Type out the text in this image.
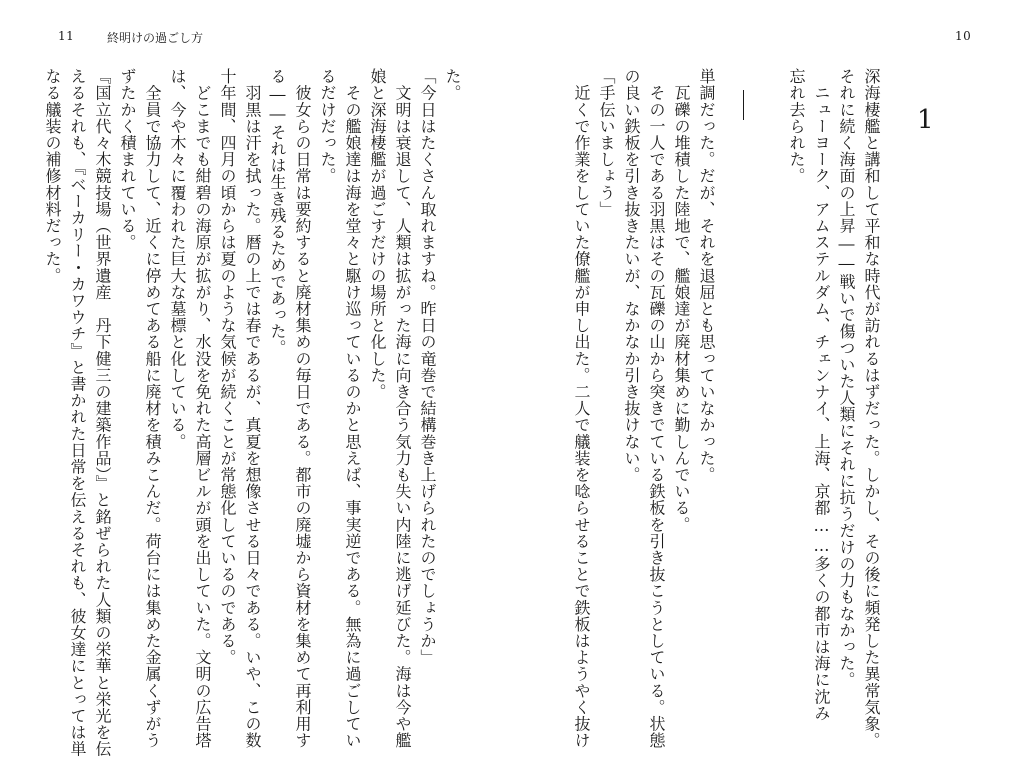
11	終明けの過ごし方	10
1
深海棲艦と講和して平和な時代が訪れるはずだった。しかし、その後に頻発した異常気象。
それに続く海面の上昇――戦いで傷ついた人類にそれに抗うだけの力もなかった。
　ニューヨーク、アムステルダム、チェンナイ、上海、京都……多くの都市は海に沈み
忘れ去られた。
単調だった。だが、それを退屈とも思っていなかった。
　瓦礫の堆積した陸地で、艦娘達が廃材集めに勤しんでいる。
　その一人である羽黒はその瓦礫の山から突きでている鉄板を引き抜こうとしている。状態
の良い鉄板を引き抜きたいが、なかなか引き抜けない。
「手伝いましょう」
　近くで作業をしていた僚艦が申し出た。二人で艤装を唸らせることで鉄板はようやく抜け
た。
「今日はたくさん取れますね。昨日の竜巻で結構巻き上げられたのでしょうか」
　文明は衰退して、人類は拡がった海に向き合う気力も失い内陸に逃げ延びた。海は今や艦
娘と深海棲艦が過ごすだけの場所と化した。
　その艦娘達は海を堂々と駆け巡っているのかと思えば、事実逆である。無為に過ごしてい
るだけだった。
　彼女らの日常は要約すると廃材集めの毎日である。都市の廃墟から資材を集めて再利用す
る――それは生き残るためであった。
　羽黒は汗を拭った。暦の上では春であるが、真夏を想像させる日々である。いや、この数
十年間、四月の頃からは夏のような気候が続くことが常態化しているのである。
　どこまでも紺碧の海原が拡がり、水没を免れた高層ビルが頭を出していた。文明の広告塔
は、今や木々に覆われた巨大な墓標と化している。
　全員で協力して、近くに停めてある船に廃材を積みこんだ。荷台には集めた金属くずがう
ずたかく積まれている。
『国立代々木競技場（世界遺産　丹下健三の建築作品）』と銘ぜられた人類の栄華と栄光を伝
えるそれも、『ベーカリー・カワウチ』と書かれた日常を伝えるそれも、彼女達にとっては単
なる艤装の補修材料だった。
